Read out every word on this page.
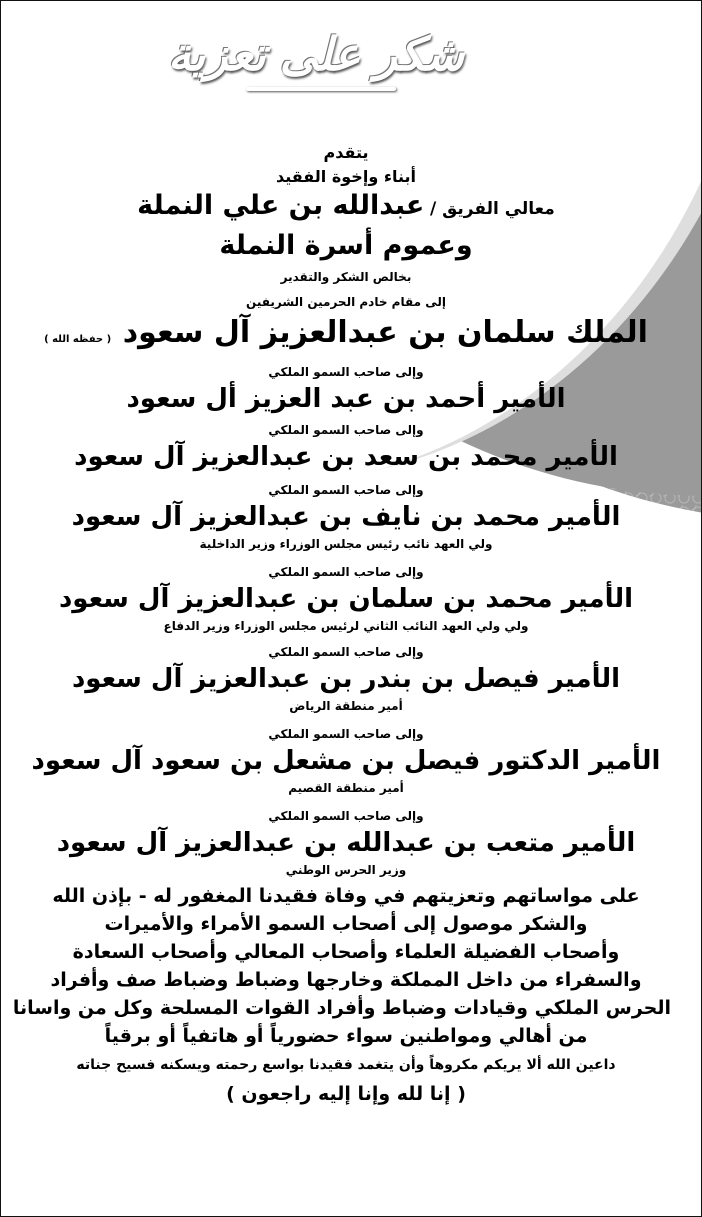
شكر
على
تعزية
يتقدم
أبناء وإخوة الفقيد
معالي الفريق / عبدالله بن علي النملة
وعموم أسرة النملة
بخالص الشكر والتقدير
إلى مقام خادم الحرمين الشريفين
الملك سلمان بن عبدالعزيز آل سعود ( حفظه الله )
وإلى صاحب السمو الملكي
الأمير أحمد بن عبد العزيز أل سعود
وإلى صاحب السمو الملكي
الأمير محمد بن سعد بن عبدالعزيز آل سعود
وإلى صاحب السمو الملكي
الأمير محمد بن نايف بن عبدالعزيز آل سعود
ولي العهد نائب رئيس مجلس الوزراء وزير الداخلية
وإلى صاحب السمو الملكي
الأمير محمد بن سلمان بن عبدالعزيز آل سعود
ولي ولي العهد النائب الثاني لرئيس مجلس الوزراء وزير الدفاع
وإلى صاحب السمو الملكي
الأمير فيصل بن بندر بن عبدالعزيز آل سعود
أمير منطقة الرياض
وإلى صاحب السمو الملكي
الأمير الدكتور فيصل بن مشعل بن سعود آل سعود
أمير منطقة القصيم
وإلى صاحب السمو الملكي
الأمير متعب بن عبدالله بن عبدالعزيز آل سعود
وزير الحرس الوطني
على مواساتهم وتعزيتهم في وفاة فقيدنا المغفور له - بإذن الله
والشكر موصول إلى أصحاب السمو الأمراء والأميرات
وأصحاب الفضيلة العلماء وأصحاب المعالي وأصحاب السعادة
والسفراء من داخل المملكة وخارجها وضباط وضباط صف وأفراد
الحرس الملكي وقيادات وضباط وأفراد القوات المسلحة وكل من واسانا
من أهالي ومواطنين سواء حضورياً أو هاتفياً أو برقياً
داعين الله ألا يريكم مكروهاً وأن يتغمد فقيدنا بواسع رحمته ويسكنه فسيح جناته
( إنا لله وإنا إليه راجعون )
